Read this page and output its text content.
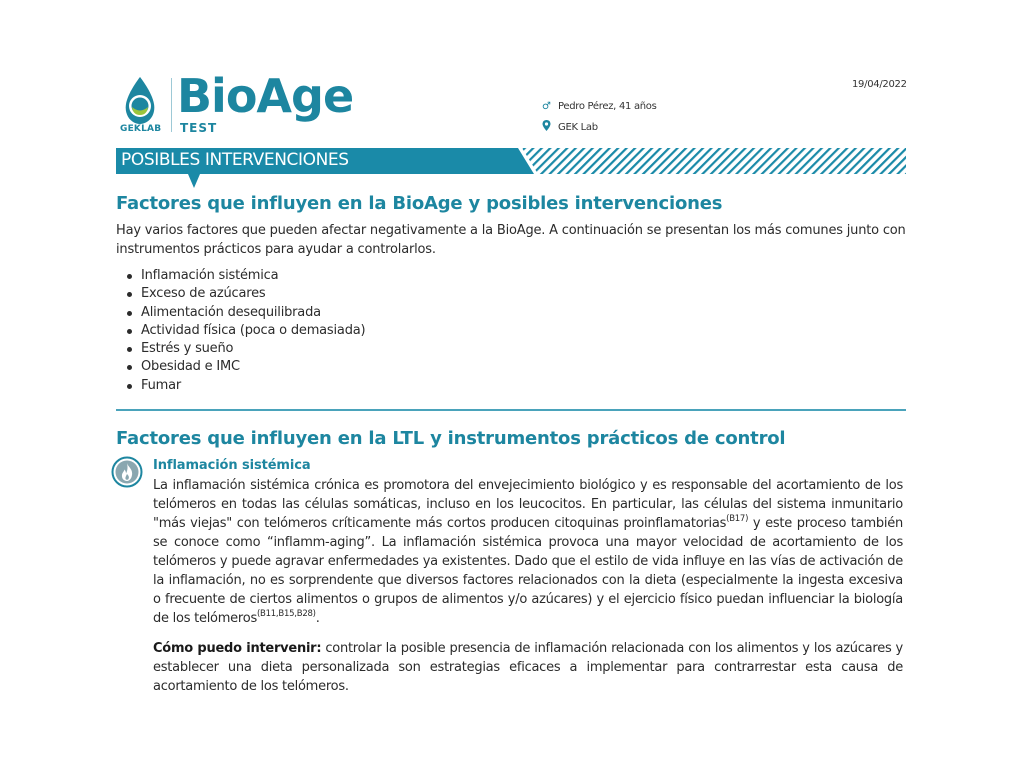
GEKLAB
BioAge
TEST
19/04/2022
♂ Pedro Pérez, 41 años
GEK Lab
POSIBLES INTERVENCIONES
Factores que influyen en la BioAge y posibles intervenciones
Hay varios factores que pueden afectar negativamente a la BioAge. A continuación se presentan los más comunes junto con instrumentos prácticos para ayudar a controlarlos.
Inflamación sistémica
Exceso de azúcares
Alimentación desequilibrada
Actividad física (poca o demasiada)
Estrés y sueño
Obesidad e IMC
Fumar
Factores que influyen en la LTL y instrumentos prácticos de control
Inflamación sistémica

La inflamación sistémica crónica es promotora del envejecimiento biológico y es responsable del acortamiento de los telómeros en todas las células somáticas, incluso en los leucocitos. En particular, las células del sistema inmunitario "más viejas" con telómeros críticamente más cortos producen citoquinas proinflamatorias$^{(B17)}$ y este proceso también se conoce como “inflamm-aging”. La inflamación sistémica provoca una mayor velocidad de acortamiento de los telómeros y puede agravar enfermedades ya existentes. Dado que el estilo de vida influye en las vías de activación de la inflamación, no es sorprendente que diversos factores relacionados con la dieta (especialmente la ingesta excesiva o frecuente de ciertos alimentos o grupos de alimentos y/o azúcares) y el ejercicio físico puedan influenciar la biología de los telómeros$^{(B11,B15,B28)}$.

Cómo puedo intervenir: controlar la posible presencia de inflamación relacionada con los alimentos y los azúcares y establecer una dieta personalizada son estrategias eficaces a implementar para contrarrestar esta causa de acortamiento de los telómeros.
